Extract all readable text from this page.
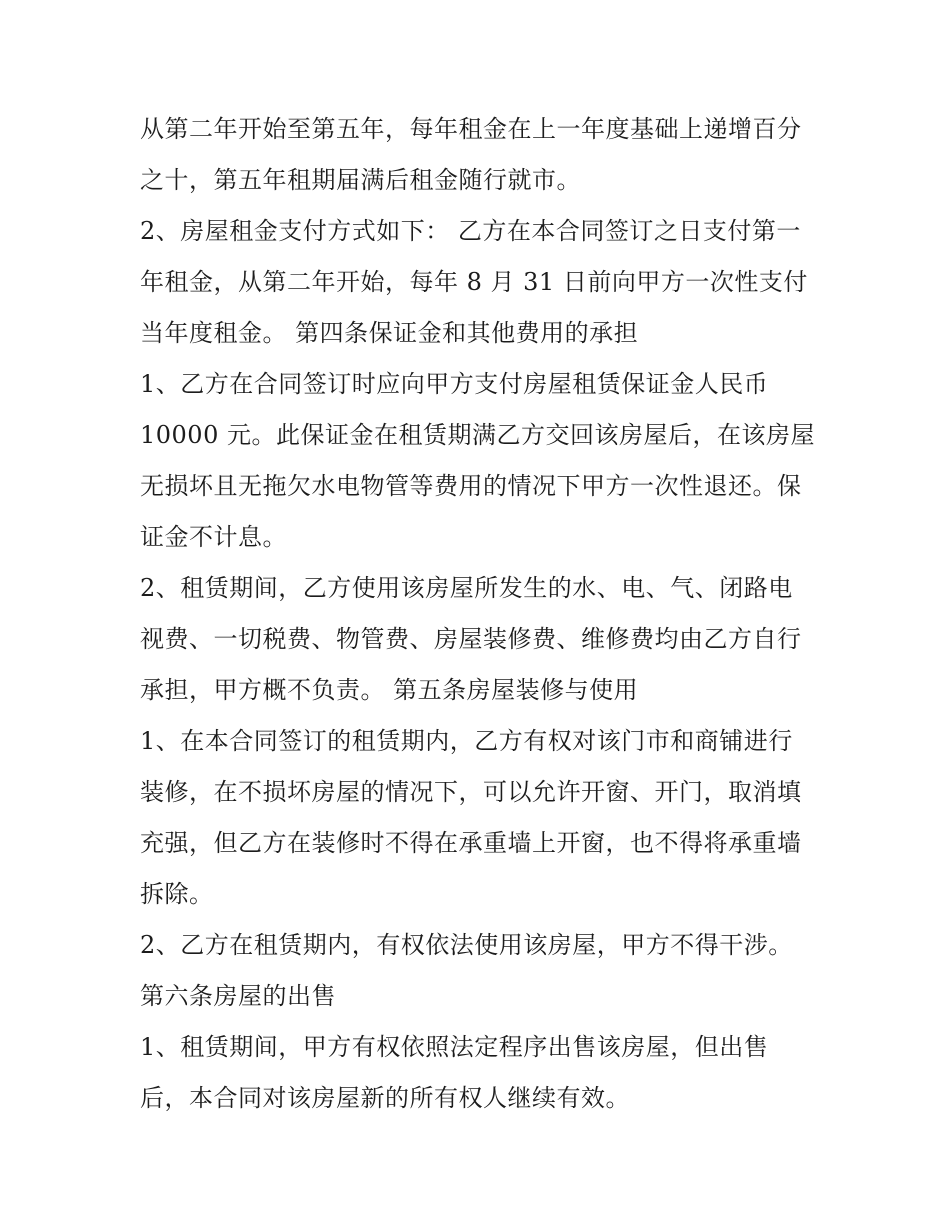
从第二年开始至第五年，每年租金在上一年度基础上递增百分
之十，第五年租期届满后租金随行就市。
2、房屋租金支付方式如下： 乙方在本合同签订之日支付第一
年租金，从第二年开始，每年 8 月 31 日前向甲方一次性支付
当年度租金。 第四条保证金和其他费用的承担
1、乙方在合同签订时应向甲方支付房屋租赁保证金人民币
10000 元。此保证金在租赁期满乙方交回该房屋后，在该房屋
无损坏且无拖欠水电物管等费用的情况下甲方一次性退还。保
证金不计息。
2、租赁期间，乙方使用该房屋所发生的水、电、气、闭路电
视费、一切税费、物管费、房屋装修费、维修费均由乙方自行
承担，甲方概不负责。 第五条房屋装修与使用
1、在本合同签订的租赁期内，乙方有权对该门市和商铺进行
装修，在不损坏房屋的情况下，可以允许开窗、开门，取消填
充强，但乙方在装修时不得在承重墙上开窗，也不得将承重墙
拆除。
2、乙方在租赁期内，有权依法使用该房屋，甲方不得干涉。
第六条房屋的出售
1、租赁期间，甲方有权依照法定程序出售该房屋，但出售
后，本合同对该房屋新的所有权人继续有效。
